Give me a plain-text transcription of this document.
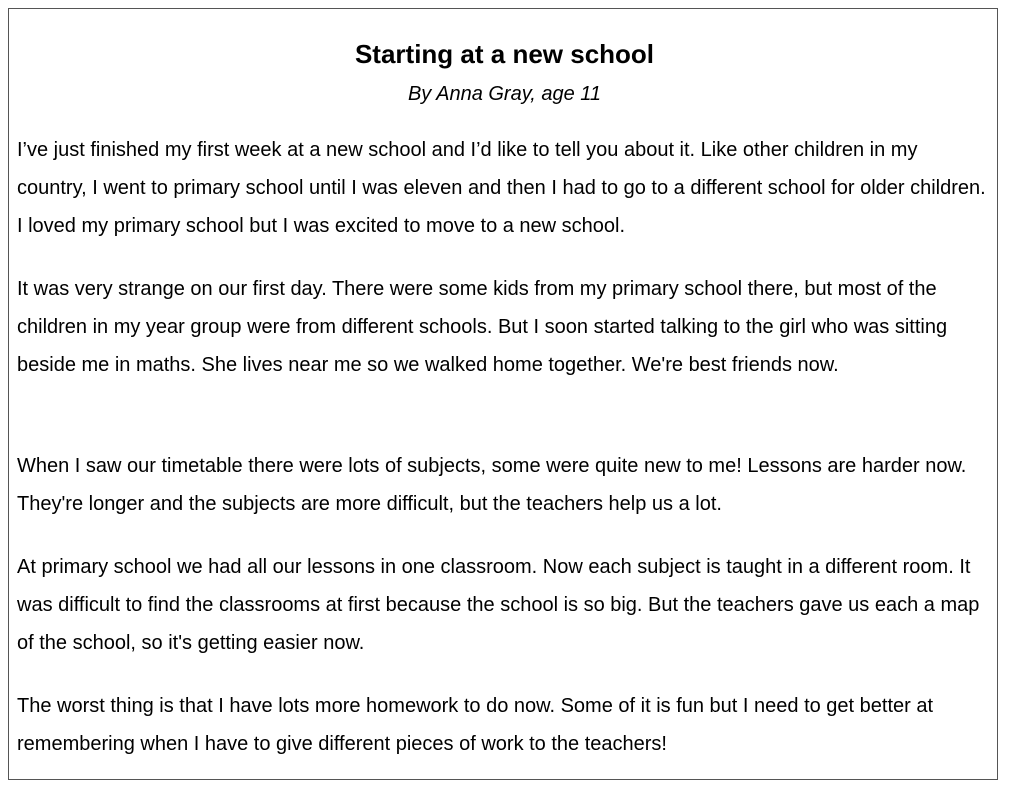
Starting at a new school

By Anna Gray, age 11

I’ve just finished my first week at a new school and I’d like to tell you about it. Like other children in my country, I went to primary school until I was eleven and then I had to go to a different school for older children. I loved my primary school but I was excited to move to a new school.

It was very strange on our first day. There were some kids from my primary school there, but most of the children in my year group were from different schools. But I soon started talking to the girl who was sitting beside me in maths. She lives near me so we walked home together. We're best friends now.

When I saw our timetable there were lots of subjects, some were quite new to me! Lessons are harder now. They're longer and the subjects are more difficult, but the teachers help us a lot.

At primary school we had all our lessons in one classroom. Now each subject is taught in a different room. It was difficult to find the classrooms at first because the school is so big. But the teachers gave us each a map of the school, so it's getting easier now.

The worst thing is that I have lots more homework to do now. Some of it is fun but I need to get better at remembering when I have to give different pieces of work to the teachers!
